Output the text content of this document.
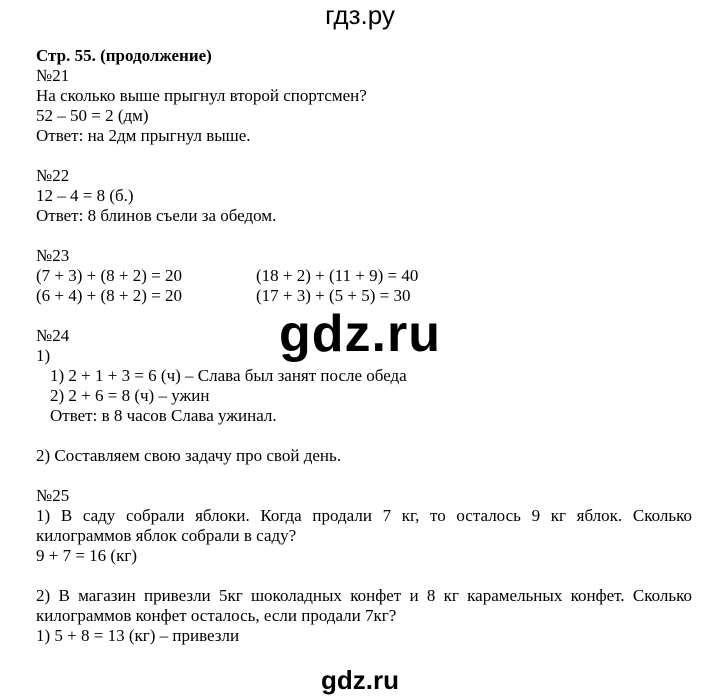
гдз.ру
Стр. 55. (продолжение)
№21
На сколько выше прыгнул второй спортсмен?
52 – 50 = 2 (дм)
Ответ: на 2дм прыгнул выше.
№22
12 – 4 = 8 (б.)
Ответ: 8 блинов съели за обедом.
№23
(7 + 3) + (8 + 2) = 20	(18 + 2) + (11 + 9) = 40
(6 + 4) + (8 + 2) = 20	(17 + 3) + (5 + 5) = 30
№24
1)
1) 2 + 1 + 3 = 6 (ч) – Слава был занят после обеда
2) 2 + 6 = 8 (ч) – ужин
Ответ: в 8 часов Слава ужинал.
2) Составляем свою задачу про свой день.
№25
1) В саду собрали яблоки. Когда продали 7 кг, то осталось 9 кг яблок. Сколько
килограммов яблок собрали в саду?
9 + 7 = 16 (кг)
2) В магазин привезли 5кг шоколадных конфет и 8 кг карамельных конфет. Сколько
килограммов конфет осталось, если продали 7кг?
1) 5 + 8 = 13 (кг) – привезли
gdz.ru
gdz.ru
